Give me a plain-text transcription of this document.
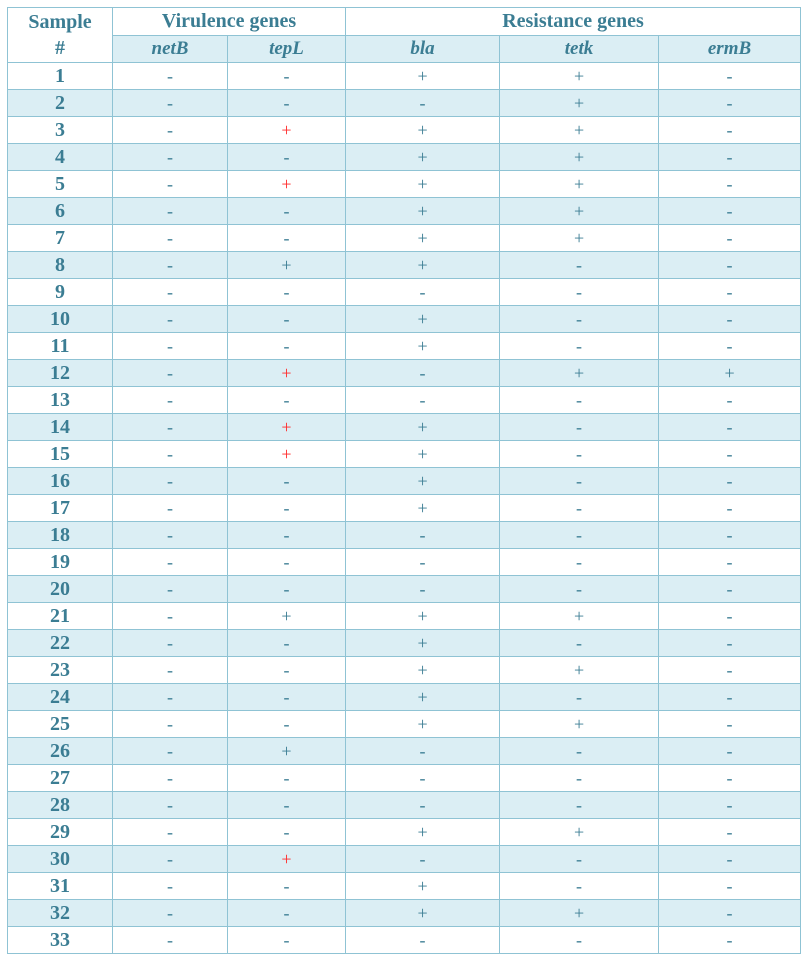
Sample
#	Virulence genes		Resistance genes		
	netB	tepL	bla	tetk	ermB
1	-	-	+	+	-
2	-	-	-	+	-
3	-	+	+	+	-
4	-	-	+	+	-
5	-	+	+	+	-
6	-	-	+	+	-
7	-	-	+	+	-
8	-	+	+	-	-
9	-	-	-	-	-
10	-	-	+	-	-
11	-	-	+	-	-
12	-	+	-	+	+
13	-	-	-	-	-
14	-	+	+	-	-
15	-	+	+	-	-
16	-	-	+	-	-
17	-	-	+	-	-
18	-	-	-	-	-
19	-	-	-	-	-
20	-	-	-	-	-
21	-	+	+	+	-
22	-	-	+	-	-
23	-	-	+	+	-
24	-	-	+	-	-
25	-	-	+	+	-
26	-	+	-	-	-
27	-	-	-	-	-
28	-	-	-	-	-
29	-	-	+	+	-
30	-	+	-	-	-
31	-	-	+	-	-
32	-	-	+	+	-
33	-	-	-	-	-
